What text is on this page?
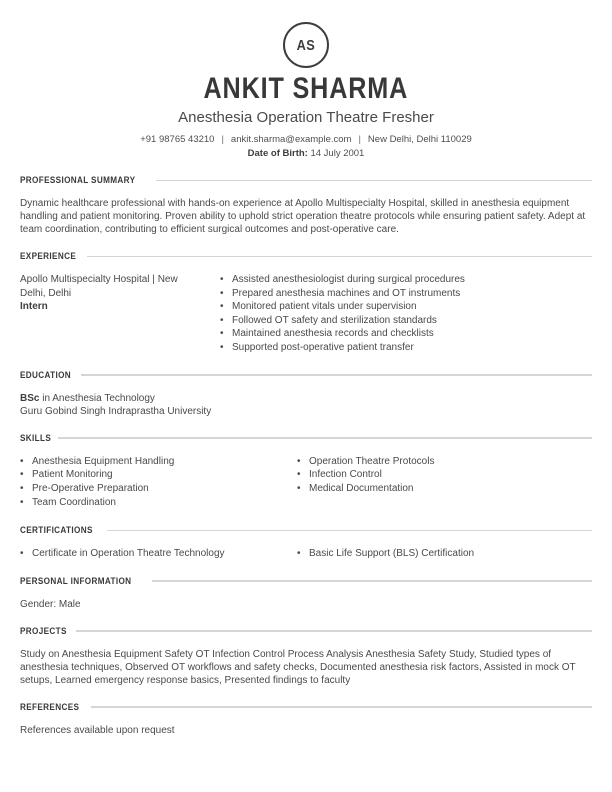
AS
ANKIT SHARMA
Anesthesia Operation Theatre Fresher
+91 98765 43210 | ankit.sharma@example.com | New Delhi, Delhi 110029
Date of Birth: 14 July 2001
PROFESSIONAL SUMMARY

Dynamic healthcare professional with hands-on experience at Apollo Multispecialty Hospital, skilled in anesthesia equipment handling and patient monitoring. Proven ability to uphold strict operation theatre protocols while ensuring patient safety. Adept at team coordination, contributing to efficient surgical outcomes and post-operative care.

EXPERIENCE
Apollo Multispecialty Hospital | New Delhi, Delhi
Intern
• Assisted anesthesiologist during surgical procedures
• Prepared anesthesia machines and OT instruments
• Monitored patient vitals under supervision
• Followed OT safety and sterilization standards
• Maintained anesthesia records and checklists
• Supported post-operative patient transfer
EDUCATION
BSc in Anesthesia Technology
Guru Gobind Singh Indraprastha University
SKILLS
• Anesthesia Equipment Handling
• Patient Monitoring
• Pre-Operative Preparation
• Team Coordination
• Operation Theatre Protocols
• Infection Control
• Medical Documentation
CERTIFICATIONS
• Certificate in Operation Theatre Technology	• Basic Life Support (BLS) Certification
PERSONAL INFORMATION
Gender: Male
PROJECTS

Study on Anesthesia Equipment Safety OT Infection Control Process Analysis Anesthesia Safety Study, Studied types of anesthesia techniques, Observed OT workflows and safety checks, Documented anesthesia risk factors, Assisted in mock OT setups, Learned emergency response basics, Presented findings to faculty

REFERENCES
References available upon request
